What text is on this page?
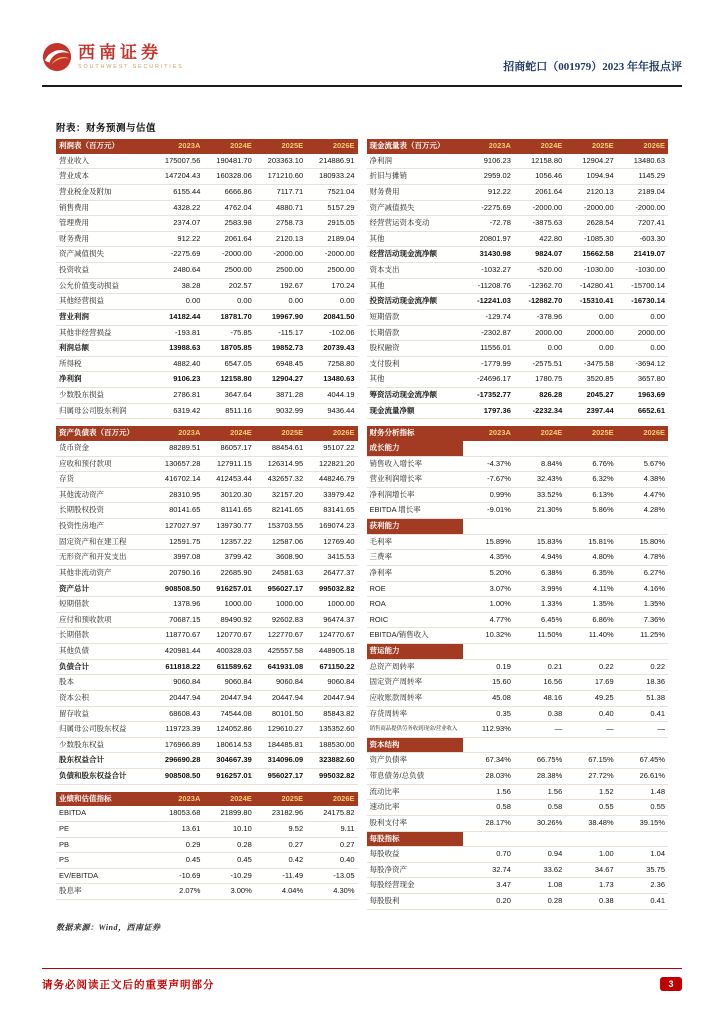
西南证券
SOUTHWEST SECURITIES	招商蛇口（001979）2023 年年报点评
附表：财务预测与估值
利润表（百万元）	2023A	2024E	2025E	2026E
营业收入	175007.56	190481.70	203363.10	214886.91
营业成本	147204.43	160328.06	171210.60	180933.24
营业税金及附加	6155.44	6666.86	7117.71	7521.04
销售费用	4328.22	4762.04	4880.71	5157.29
管理费用	2374.07	2583.98	2758.73	2915.05
财务费用	912.22	2061.64	2120.13	2189.04
资产减值损失	-2275.69	-2000.00	-2000.00	-2000.00
投资收益	2480.64	2500.00	2500.00	2500.00
公允价值变动损益	38.28	202.57	192.67	170.24
其他经营损益	0.00	0.00	0.00	0.00
营业利润	14182.44	18781.70	19967.90	20841.50
其他非经营损益	-193.81	-75.85	-115.17	-102.06
利润总额	13988.63	18705.85	19852.73	20739.43
所得税	4882.40	6547.05	6948.45	7258.80
净利润	9106.23	12158.80	12904.27	13480.63
少数股东损益	2786.81	3647.64	3871.28	4044.19
归属母公司股东利润	6319.42	8511.16	9032.99	9436.44
资产负债表（百万元）	2023A	2024E	2025E	2026E
货币资金	88289.51	86057.17	88454.61	95107.22
应收和预付款项	130657.28	127911.15	126314.95	122821.20
存货	416702.14	412453.44	432657.32	448246.79
其他流动资产	28310.95	30120.30	32157.20	33979.42
长期股权投资	80141.65	81141.65	82141.65	83141.65
投资性房地产	127027.97	139730.77	153703.55	169074.23
固定资产和在建工程	12591.75	12357.22	12587.06	12769.40
无形资产和开发支出	3997.08	3799.42	3608.90	3415.53
其他非流动资产	20790.16	22685.90	24581.63	26477.37
资产总计	908508.50	916257.01	956027.17	995032.82
短期借款	1378.96	1000.00	1000.00	1000.00
应付和预收款项	70687.15	89490.92	92602.83	96474.37
长期借款	118770.67	120770.67	122770.67	124770.67
其他负债	420981.44	400328.03	425557.58	448905.18
负债合计	611818.22	611589.62	641931.08	671150.22
股本	9060.84	9060.84	9060.84	9060.84
资本公积	20447.94	20447.94	20447.94	20447.94
留存收益	68608.43	74544.08	80101.50	85843.82
归属母公司股东权益	119723.39	124052.86	129610.27	135352.60
少数股东权益	176966.89	180614.53	184485.81	188530.00
股东权益合计	296690.28	304667.39	314096.09	323882.60
负债和股东权益合计	908508.50	916257.01	956027.17	995032.82
业绩和估值指标	2023A	2024E	2025E	2026E
EBITDA	18053.68	21899.80	23182.96	24175.82
PE	13.61	10.10	9.52	9.11
PB	0.29	0.28	0.27	0.27
PS	0.45	0.45	0.42	0.40
EV/EBITDA	-10.69	-10.29	-11.49	-13.05
股息率	2.07%	3.00%	4.04%	4.30%
现金流量表（百万元）	2023A	2024E	2025E	2026E
净利润	9106.23	12158.80	12904.27	13480.63
折旧与摊销	2959.02	1056.46	1094.94	1145.29
财务费用	912.22	2061.64	2120.13	2189.04
资产减值损失	-2275.69	-2000.00	-2000.00	-2000.00
经营营运资本变动	-72.78	-3875.63	2628.54	7207.41
其他	20801.97	422.80	-1085.30	-603.30
经营活动现金流净额	31430.98	9824.07	15662.58	21419.07
资本支出	-1032.27	-520.00	-1030.00	-1030.00
其他	-11208.76	-12362.70	-14280.41	-15700.14
投资活动现金流净额	-12241.03	-12882.70	-15310.41	-16730.14
短期借款	-129.74	-378.96	0.00	0.00
长期借款	-2302.87	2000.00	2000.00	2000.00
股权融资	11556.01	0.00	0.00	0.00
支付股利	-1779.99	-2575.51	-3475.58	-3694.12
其他	-24696.17	1780.75	3520.85	3657.80
筹资活动现金流净额	-17352.77	826.28	2045.27	1963.69
现金流量净额	1797.36	-2232.34	2397.44	6652.61
财务分析指标	2023A	2024E	2025E	2026E
成长能力				
销售收入增长率	-4.37%	8.84%	6.76%	5.67%
营业利润增长率	-7.67%	32.43%	6.32%	4.38%
净利润增长率	0.99%	33.52%	6.13%	4.47%
EBITDA 增长率	-9.01%	21.30%	5.86%	4.28%
获利能力				
毛利率	15.89%	15.83%	15.81%	15.80%
三费率	4.35%	4.94%	4.80%	4.78%
净利率	5.20%	6.38%	6.35%	6.27%
ROE	3.07%	3.99%	4.11%	4.16%
ROA	1.00%	1.33%	1.35%	1.35%
ROIC	4.77%	6.45%	6.86%	7.36%
EBITDA/销售收入	10.32%	11.50%	11.40%	11.25%
营运能力				
总资产周转率	0.19	0.21	0.22	0.22
固定资产周转率	15.60	16.56	17.69	18.36
应收账款周转率	45.08	48.16	49.25	51.38
存货周转率	0.35	0.38	0.40	0.41
销售商品提供劳务收到现金/营业收入	112.93%	—	—	—
资本结构				
资产负债率	67.34%	66.75%	67.15%	67.45%
带息债务/总负债	28.03%	28.38%	27.72%	26.61%
流动比率	1.56	1.56	1.52	1.48
速动比率	0.58	0.58	0.55	0.55
股利支付率	28.17%	30.26%	38.48%	39.15%
每股指标				
每股收益	0.70	0.94	1.00	1.04
每股净资产	32.74	33.62	34.67	35.75
每股经营现金	3.47	1.08	1.73	2.36
每股股利	0.20	0.28	0.38	0.41
数据来源：Wind，西南证券
请务必阅读正文后的重要声明部分	3
